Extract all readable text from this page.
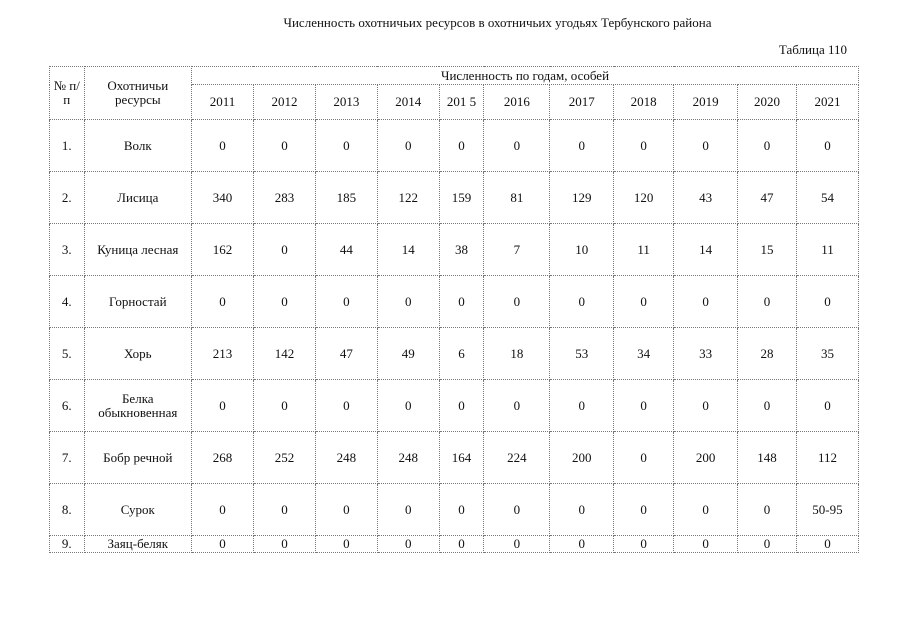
Численность охотничьих ресурсов в охотничьих угодьях Тербунского района
Таблица 110
№ п/п	Охотничьи ресурсы	Численность по годам, особей										
		2011	2012	2013	2014	201 5	2016	2017	2018	2019	2020	2021
1.	Волк	0	0	0	0	0	0	0	0	0	0	0
2.	Лисица	340	283	185	122	159	81	129	120	43	47	54
3.	Куница лесная	162	0	44	14	38	7	10	11	14	15	11
4.	Горностай	0	0	0	0	0	0	0	0	0	0	0
5.	Хорь	213	142	47	49	6	18	53	34	33	28	35
6.	Белка обыкновенная	0	0	0	0	0	0	0	0	0	0	0
7.	Бобр речной	268	252	248	248	164	224	200	0	200	148	112
8.	Сурок	0	0	0	0	0	0	0	0	0	0	50-95
9.	Заяц-беляк	0	0	0	0	0	0	0	0	0	0	0
